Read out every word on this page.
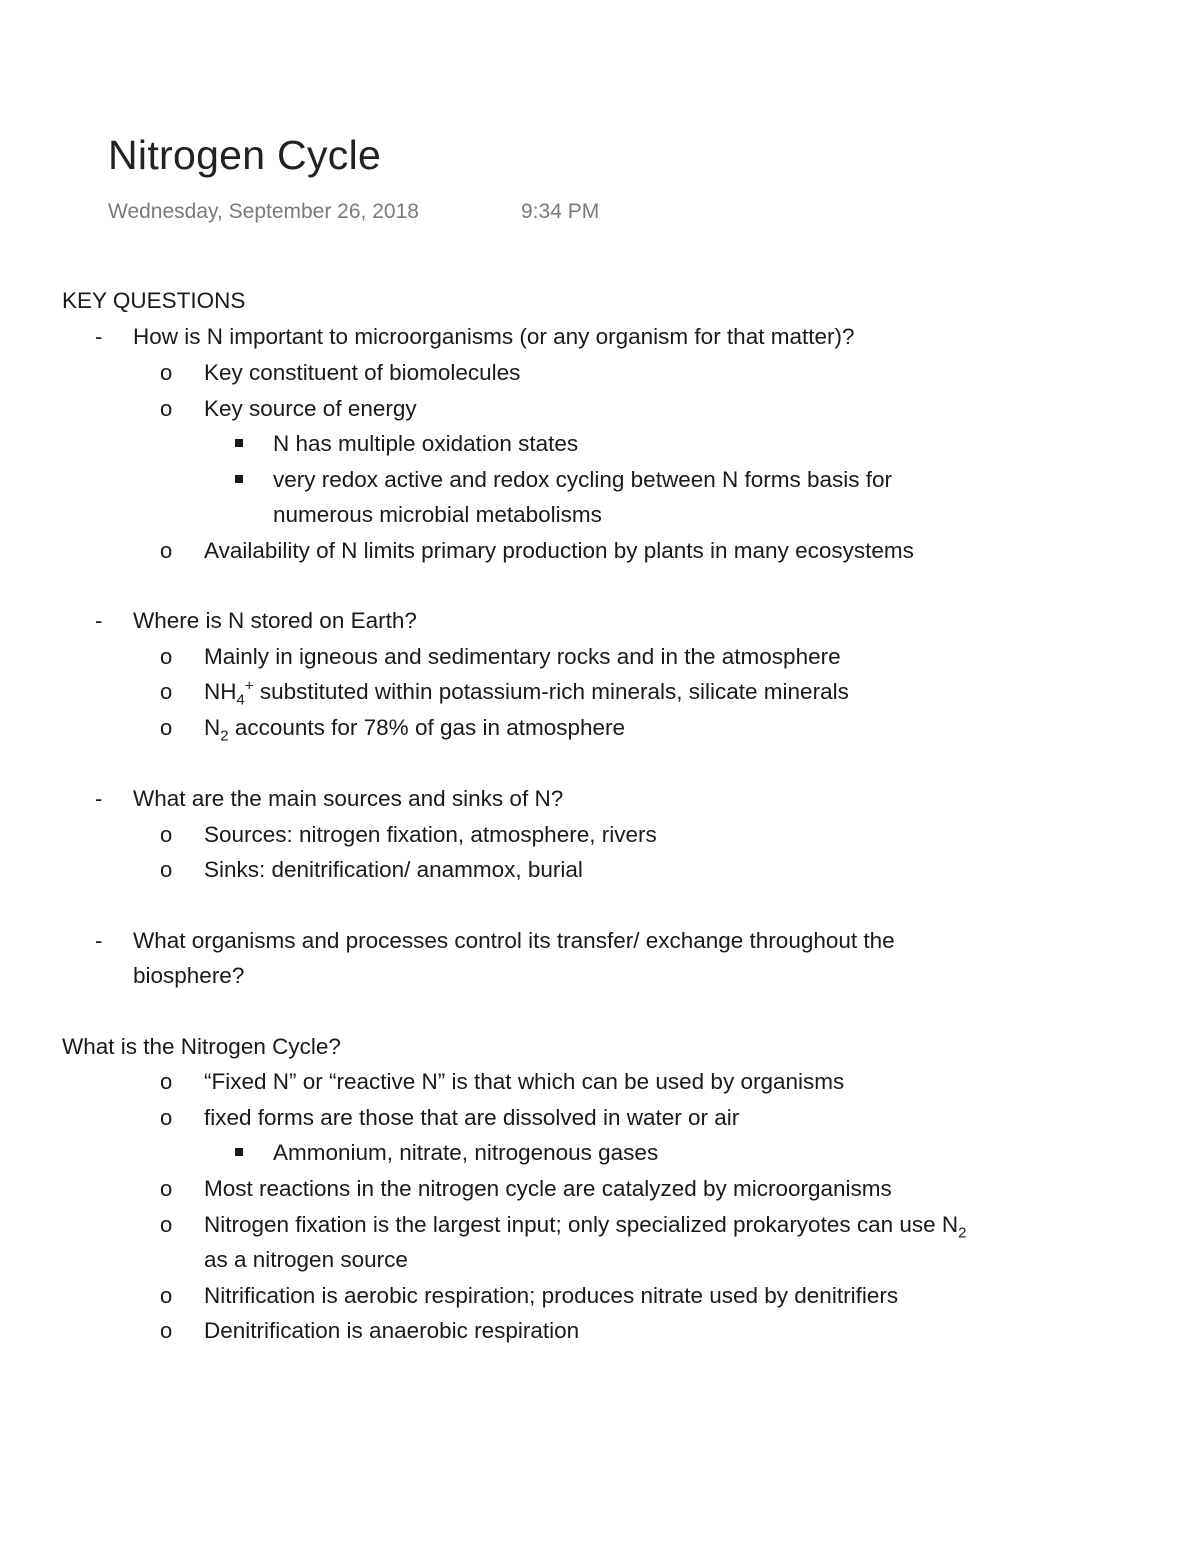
Nitrogen Cycle
Wednesday, September 26, 2018	9:34 PM
KEY QUESTIONS
- How is N important to microorganisms (or any organism for that matter)?
o Key constituent of biomolecules
o Key source of energy
N has multiple oxidation states
very redox active and redox cycling between N forms basis for
numerous microbial metabolisms
o Availability of N limits primary production by plants in many ecosystems
- Where is N stored on Earth?
o Mainly in igneous and sedimentary rocks and in the atmosphere
o $NH_4^+$ substituted within potassium-rich minerals, silicate minerals
o $N_2$ accounts for 78% of gas in atmosphere
- What are the main sources and sinks of N?
o Sources: nitrogen fixation, atmosphere, rivers
o Sinks: denitrification/ anammox, burial
- What organisms and processes control its transfer/ exchange throughout the
biosphere?
What is the Nitrogen Cycle?
o “Fixed N” or “reactive N” is that which can be used by organisms
o fixed forms are those that are dissolved in water or air
Ammonium, nitrate, nitrogenous gases
o Most reactions in the nitrogen cycle are catalyzed by microorganisms
o Nitrogen fixation is the largest input; only specialized prokaryotes can use $N_2$
as a nitrogen source
o Nitrification is aerobic respiration; produces nitrate used by denitrifiers
o Denitrification is anaerobic respiration
